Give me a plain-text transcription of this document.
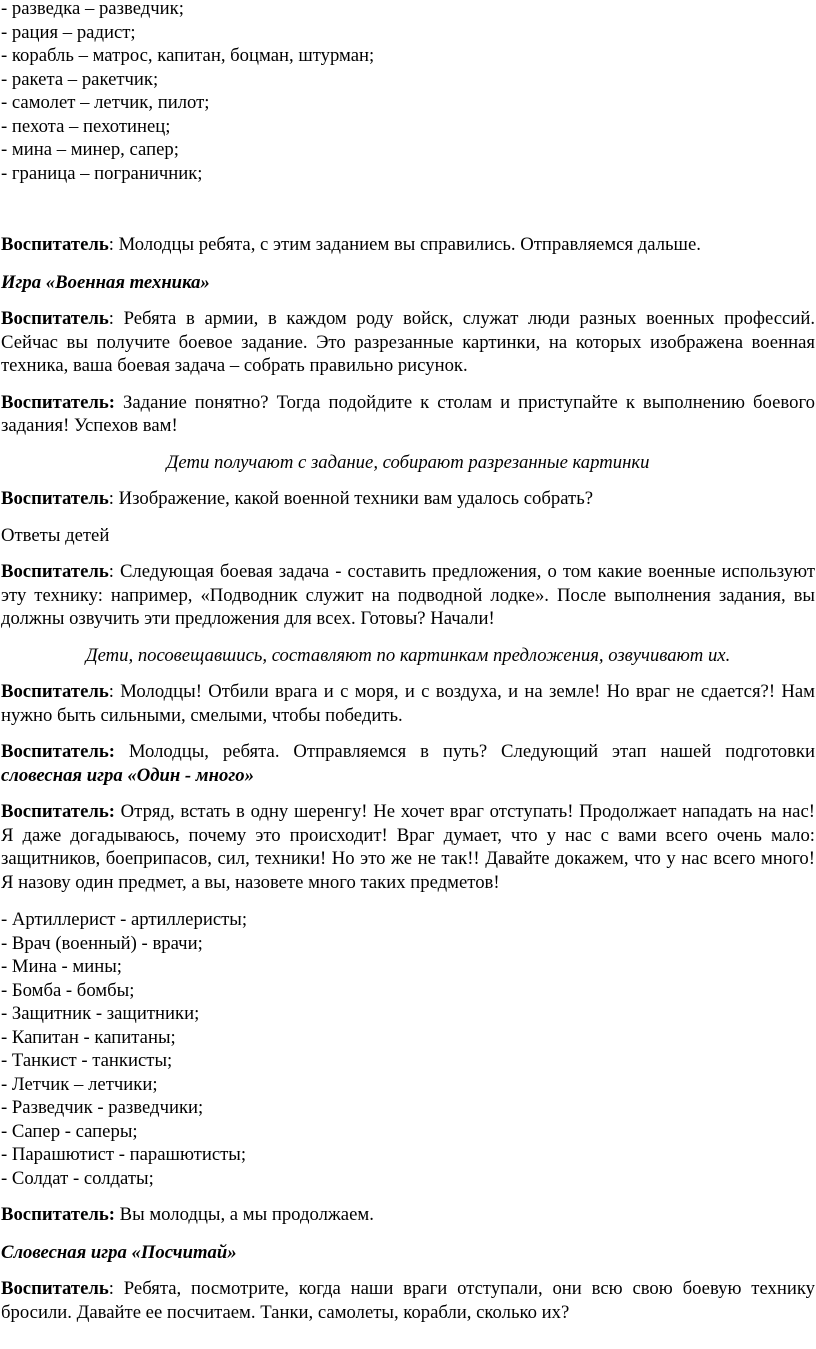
- разведка – разведчик;

- рация – радист;

- корабль – матрос, капитан, боцман, штурман;

- ракета – ракетчик;

- самолет – летчик, пилот;

- пехота – пехотинец;

- мина – минер, сапер;

- граница – пограничник;

Воспитатель: Молодцы ребята, с этим заданием вы справились. Отправляемся дальше.

Игра «Военная техника»

Воспитатель: Ребята в армии, в каждом роду войск, служат люди разных военных профессий. Сейчас вы получите боевое задание. Это разрезанные картинки, на которых изображена военная техника, ваша боевая задача – собрать правильно рисунок.

Воспитатель: Задание понятно? Тогда подойдите к столам и приступайте к выполнению боевого задания! Успехов вам!

Дети получают с задание, собирают разрезанные картинки

Воспитатель: Изображение, какой военной техники вам удалось собрать?

Ответы детей

Воспитатель: Следующая боевая задача - составить предложения, о том какие военные используют эту технику: например, «Подводник служит на подводной лодке». После выполнения задания, вы должны озвучить эти предложения для всех. Готовы? Начали!

Дети, посовещавшись, составляют по картинкам предложения, озвучивают их.

Воспитатель: Молодцы! Отбили врага и с моря, и с воздуха, и на земле! Но враг не сдается?! Нам нужно быть сильными, смелыми, чтобы победить.

Воспитатель: Молодцы, ребята. Отправляемся в путь? Следующий этап нашей подготовки словесная игра «Один - много»

Воспитатель: Отряд, встать в одну шеренгу! Не хочет враг отступать! Продолжает нападать на нас! Я даже догадываюсь, почему это происходит! Враг думает, что у нас с вами всего очень мало: защитников, боеприпасов, сил, техники! Но это же не так!! Давайте докажем, что у нас всего много! Я назову один предмет, а вы, назовете много таких предметов!

- Артиллерист - артиллеристы;

- Врач (военный) - врачи;

- Мина - мины;

- Бомба - бомбы;

- Защитник - защитники;

- Капитан - капитаны;

- Танкист - танкисты;

- Летчик – летчики;

- Разведчик - разведчики;

- Сапер - саперы;

- Парашютист - парашютисты;

- Солдат - солдаты;

Воспитатель: Вы молодцы, а мы продолжаем.

Словесная игра «Посчитай»

Воспитатель: Ребята, посмотрите, когда наши враги отступали, они всю свою боевую технику бросили. Давайте ее посчитаем. Танки, самолеты, корабли, сколько их?
